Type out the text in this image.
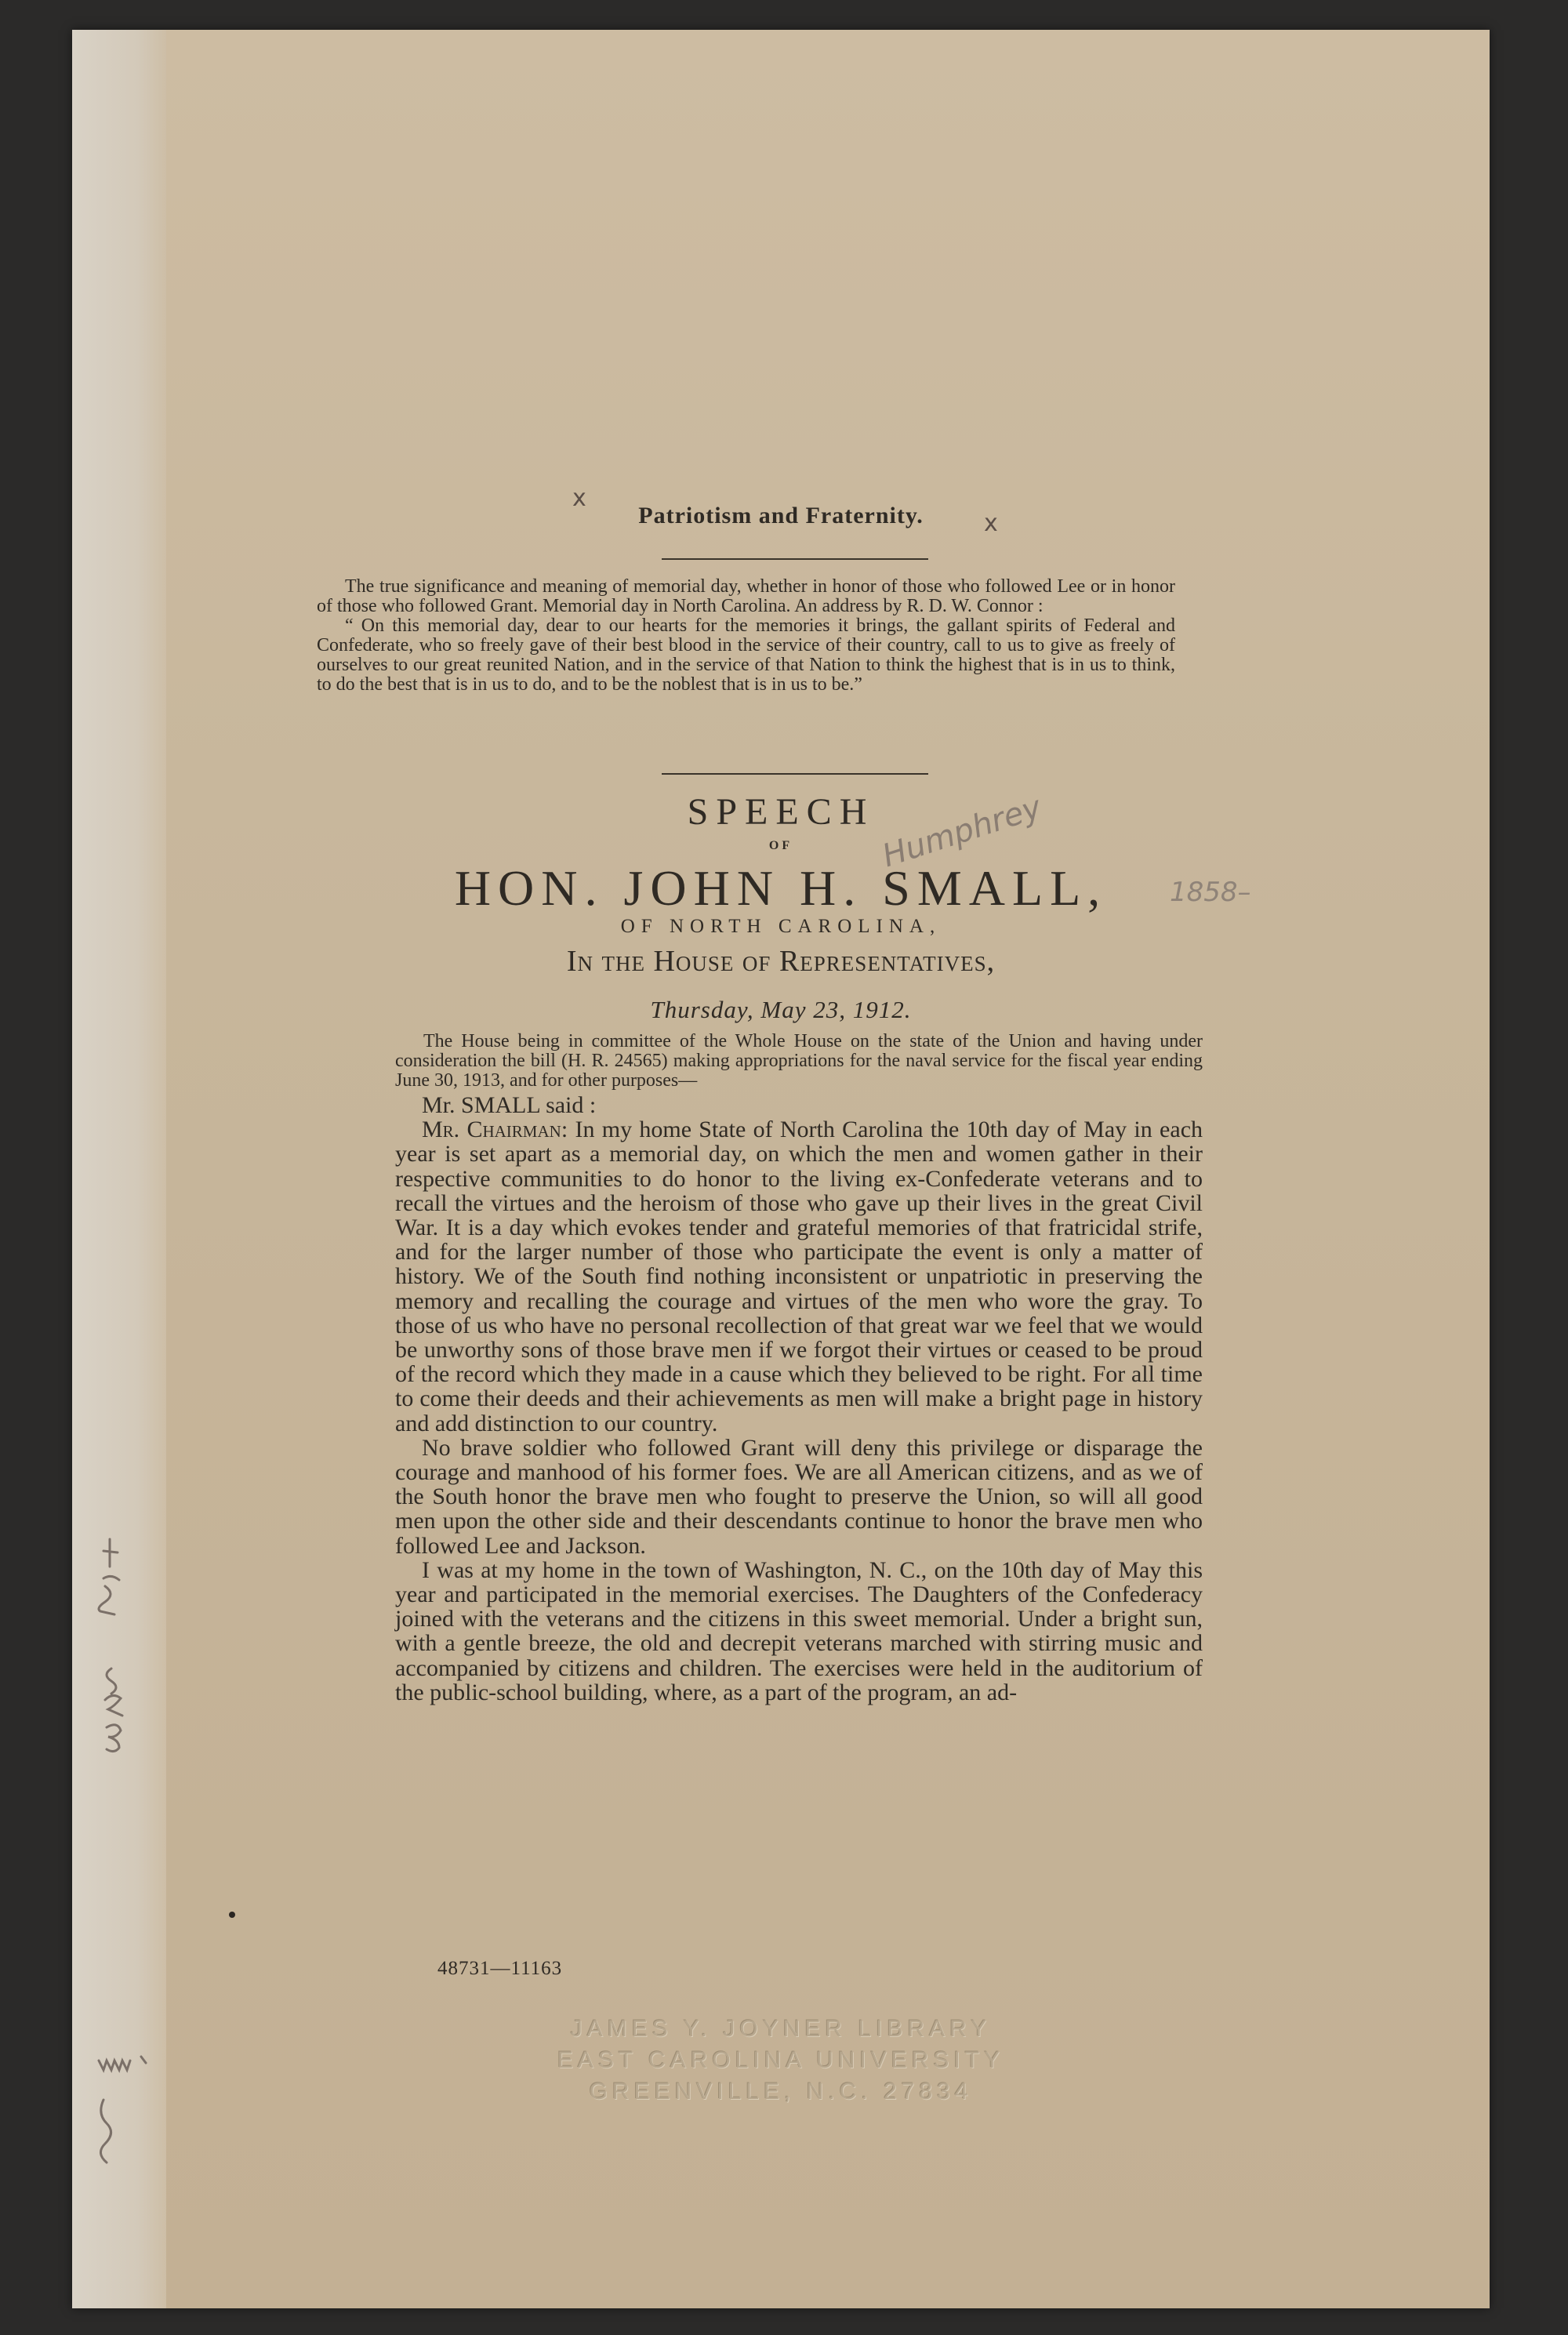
x
Patriotism and Fraternity.	x

The true significance and meaning of memorial day, whether in honor of those who followed Lee or in honor of those who followed Grant. Memorial day in North Carolina. An address by R. D. W. Connor :

“ On this memorial day, dear to our hearts for the memories it brings, the gallant spirits of Federal and Confederate, who so freely gave of their best blood in the service of their country, call to us to give as freely of ourselves to our great reunited Nation, and in the service of that Nation to think the highest that is in us to think, to do the best that is in us to do, and to be the noblest that is in us to be.”

SPEECH
OF
HON. JOHN H. SMALL,
OF NORTH CAROLINA,
In the House of Representatives,
Thursday, May 23, 1912.
Humphrey
1858–

The House being in committee of the Whole House on the state of the Union and having under consideration the bill (H. R. 24565) making appropriations for the naval service for the fiscal year ending June 30, 1913, and for other purposes—

Mr. SMALL said :

Mr. Chairman: In my home State of North Carolina the 10th day of May in each year is set apart as a memorial day, on which the men and women gather in their respective communities to do honor to the living ex-Confederate veterans and to recall the virtues and the heroism of those who gave up their lives in the great Civil War. It is a day which evokes tender and grateful memories of that fratricidal strife, and for the larger number of those who participate the event is only a matter of history. We of the South find nothing inconsistent or unpatriotic in preserving the memory and recalling the courage and virtues of the men who wore the gray. To those of us who have no personal recollection of that great war we feel that we would be unworthy sons of those brave men if we forgot their virtues or ceased to be proud of the record which they made in a cause which they believed to be right. For all time to come their deeds and their achievements as men will make a bright page in history and add distinction to our country.

No brave soldier who followed Grant will deny this privilege or disparage the courage and manhood of his former foes. We are all American citizens, and as we of the South honor the brave men who fought to preserve the Union, so will all good men upon the other side and their descendants continue to honor the brave men who followed Lee and Jackson.

I was at my home in the town of Washington, N. C., on the 10th day of May this year and participated in the memorial exercises. The Daughters of the Confederacy joined with the veterans and the citizens in this sweet memorial. Under a bright sun, with a gentle breeze, the old and decrepit veterans marched with stirring music and accompanied by citizens and children. The exercises were held in the auditorium of the public-school building, where, as a part of the program, an ad-

48731—11163
JAMES Y. JOYNER LIBRARY
EAST CAROLINA UNIVERSITY
GREENVILLE, N.C. 27834
